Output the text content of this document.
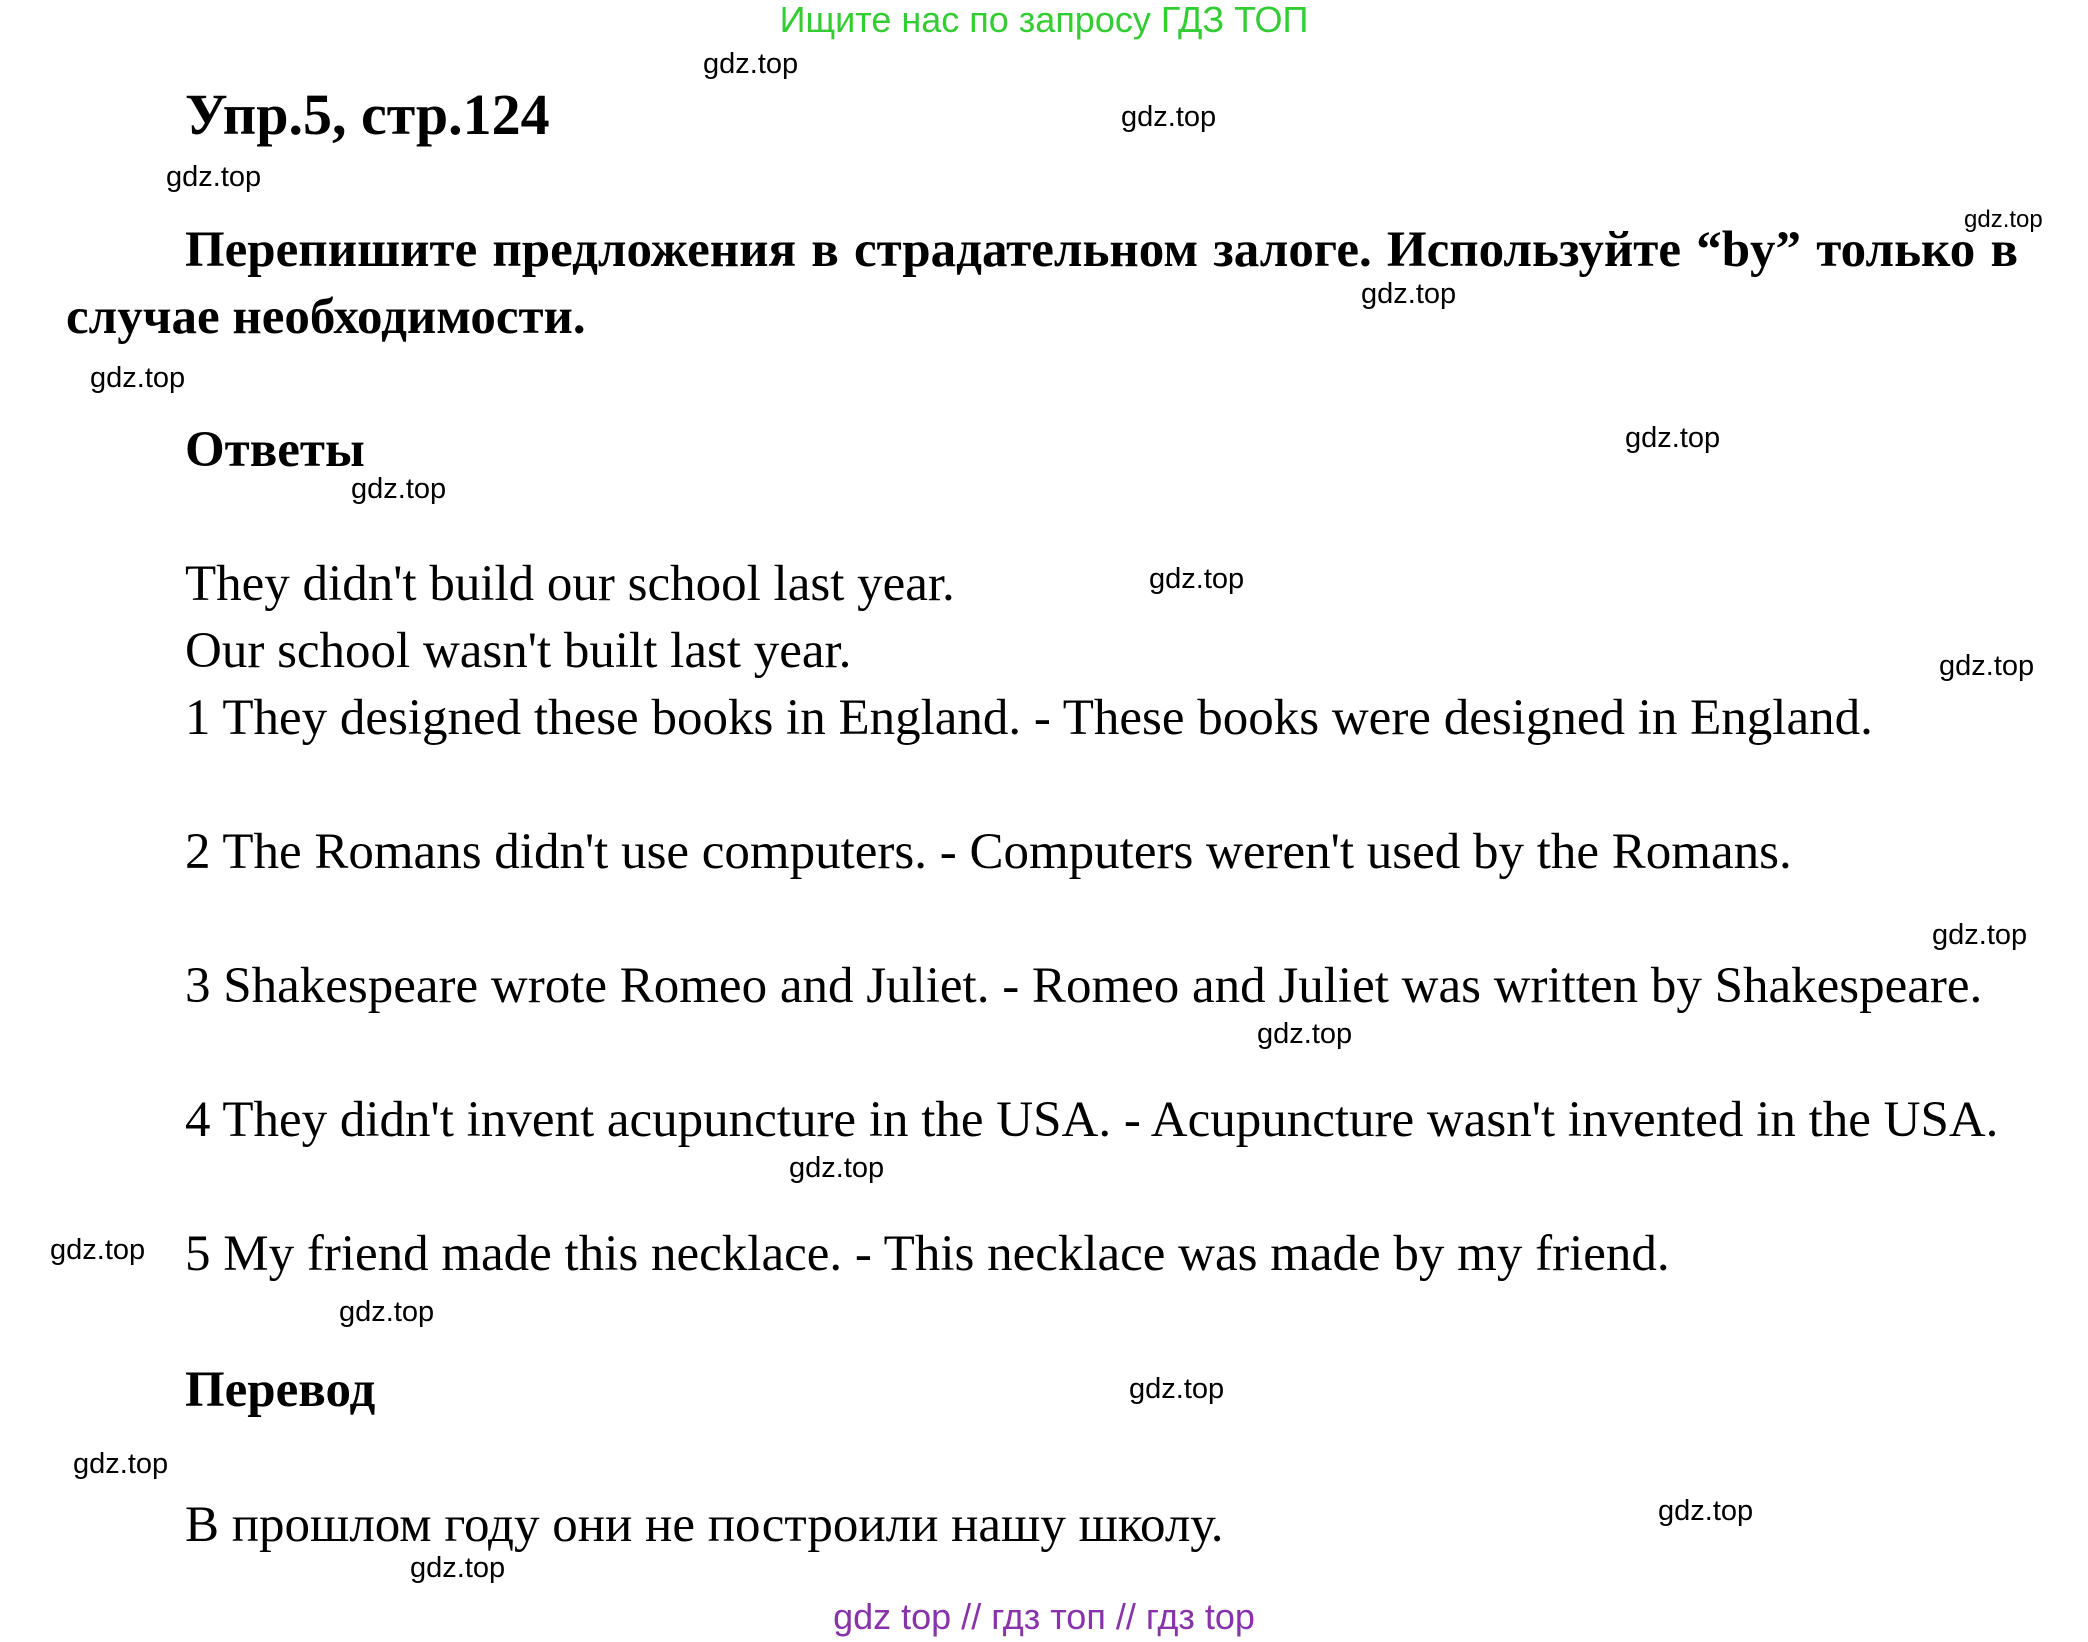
Ищите нас по запросу ГДЗ ТОП
Упр.5, стр.124
Перепишите предложения в страдательном залоге. Используйте “by” только в случае необходимости.
Ответы
They didn't build our school last year.
Our school wasn't built last year.
1 They designed these books in England. - These books were designed in England.
2 The Romans didn't use computers. - Computers weren't used by the Romans.
3 Shakespeare wrote Romeo and Juliet. - Romeo and Juliet was written by Shakespeare.
4 They didn't invent acupuncture in the USA. - Acupuncture wasn't invented in the USA.
5 My friend made this necklace. - This necklace was made by my friend.
Перевод
В прошлом году они не построили нашу школу.
gdz.top
gdz.top
gdz.top
gdz.top
gdz.top
gdz.top
gdz.top
gdz.top
gdz.top
gdz.top
gdz.top
gdz.top
gdz.top
gdz.top
gdz.top
gdz.top
gdz.top
gdz.top
gdz.top
gdz top // гдз топ // гдз top
